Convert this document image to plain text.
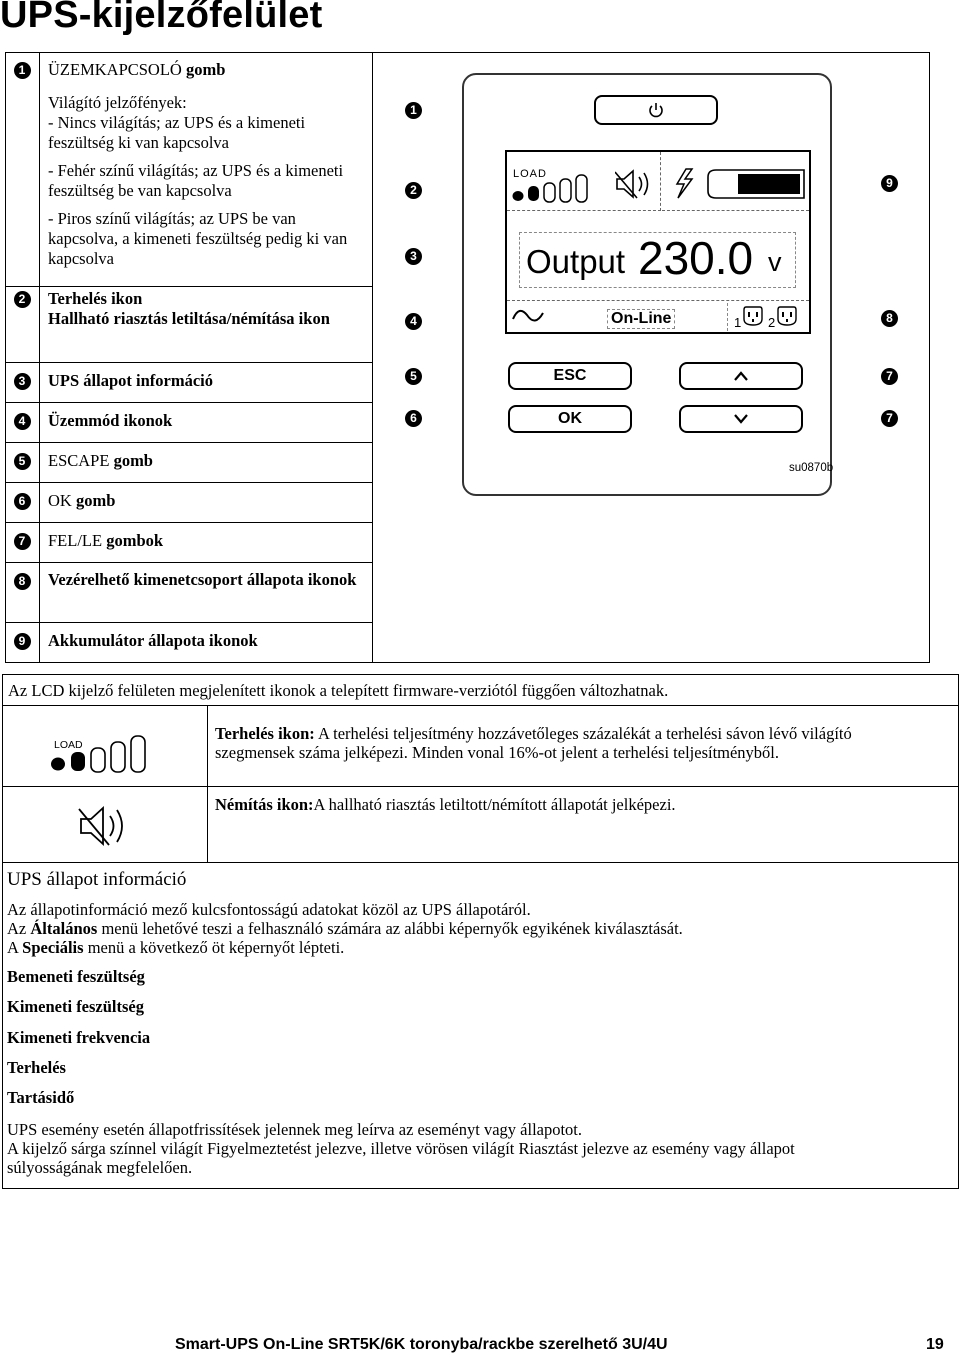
UPS-kijelzőfelület
1	ÜZEMKAPCSOLÓ gomb
Világító jelzőfények:
- Nincs világítás; az UPS és a kimeneti feszültség ki van kapcsolva
- Fehér színű világítás; az UPS és a kimeneti feszültség be van kapcsolva
- Piros színű világítás; az UPS be van kapcsolva, a kimeneti feszültség pedig ki van kapcsolva
2	Terhelés ikon
Hallható riasztás letiltása/némítása ikon
3	UPS állapot információ
4	Üzemmód ikonok
5	ESCAPE gomb
6	OK gomb
7	FEL/LE gombok
8	Vezérelhető kimenetcsoport állapota ikonok
9	Akkumulátor állapota ikonok
LOAD
Output 230.0 v
On-Line	1 2
ESC
OK
1
2
3
4
5
6
9
8
7
7
su0870b
Az LCD kijelző felületen megjelenített ikonok a telepített firmware-verziótól függően változhatnak.
LOAD
Terhelés ikon: A terhelési teljesítmény hozzávetőleges százalékát a terhelési sávon lévő világító
szegmensek száma jelképezi. Minden vonal 16%-ot jelent a terhelési teljesítményből.
Némítás ikon:A hallható riasztás letiltott/némított állapotát jelképezi.
UPS állapot információ
Az állapotinformáció mező kulcsfontosságú adatokat közöl az UPS állapotáról.
Az Általános menü lehetővé teszi a felhasználó számára az alábbi képernyők egyikének kiválasztását.
A Speciális menü a következő öt képernyőt lépteti.
Bemeneti feszültség
Kimeneti feszültség
Kimeneti frekvencia
Terhelés
Tartásidő
UPS esemény esetén állapotfrissítések jelennek meg leírva az eseményt vagy állapotot.
A kijelző sárga színnel világít Figyelmeztetést jelezve, illetve vörösen világít Riasztást jelezve az esemény vagy állapot
súlyosságának megfelelően.
Smart-UPS On-Line SRT5K/6K toronyba/rackbe szerelhető 3U/4U	19
